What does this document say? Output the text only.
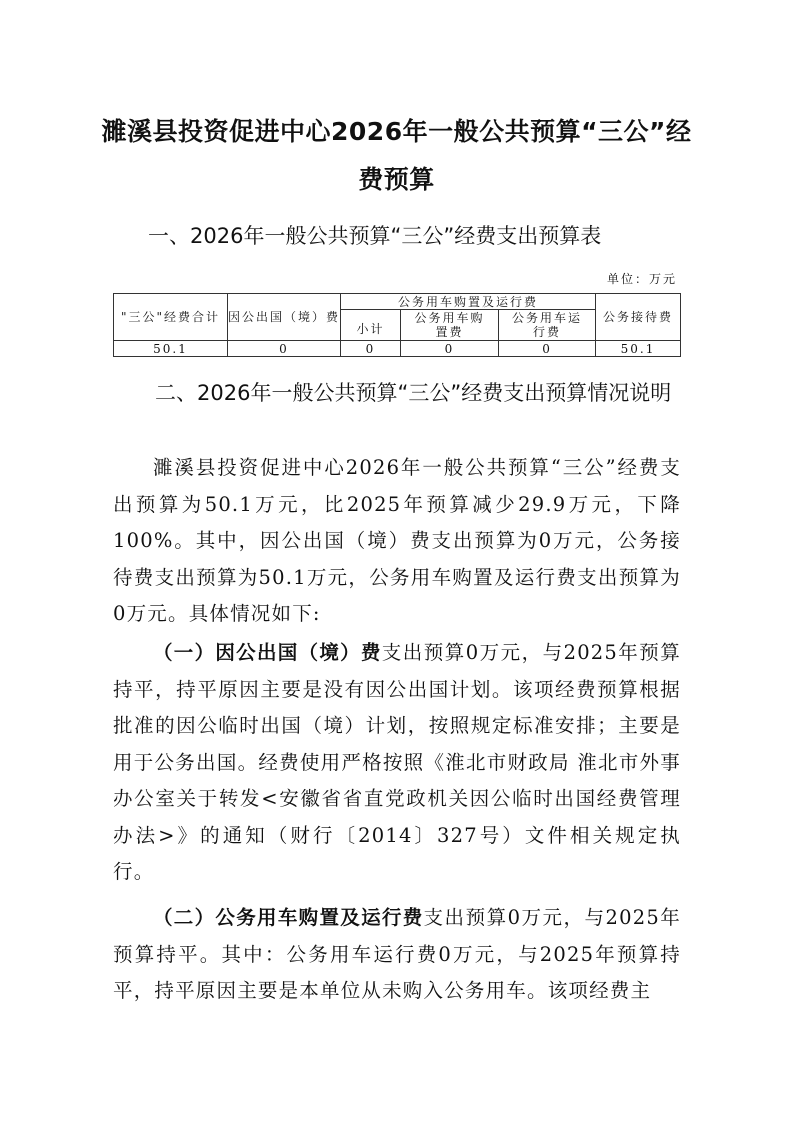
濉溪县投资促进中心2026年一般公共预算“三公”经费预算
一、2026年一般公共预算“三公”经费支出预算表
单位：万元
"三公"经费合计	因公出国（境）费	公务用车购置及运行费			公务接待费
		小计	公务用车购置费	公务用车运行费	
50.1	0	0	0	0	50.1
二、2026年一般公共预算“三公”经费支出预算情况说明

濉溪县投资促进中心2026年一般公共预算“三公”经费支出预算为50.1万元，比2025年预算减少29.9万元，下降100%。其中，因公出国（境）费支出预算为0万元，公务接待费支出预算为50.1万元，公务用车购置及运行费支出预算为0万元。具体情况如下:

（一）因公出国（境）费支出预算0万元，与2025年预算持平，持平原因主要是没有因公出国计划。该项经费预算根据批准的因公临时出国（境）计划，按照规定标准安排；主要是用于公务出国。经费使用严格按照《淮北市财政局 淮北市外事办公室关于转发<安徽省省直党政机关因公临时出国经费管理办法>》的通知（财行〔2014〕327号）文件相关规定执行。

（二）公务用车购置及运行费支出预算0万元，与2025年预算持平。其中：公务用车运行费0万元，与2025年预算持平，持平原因主要是本单位从未购入公务用车。该项经费主
